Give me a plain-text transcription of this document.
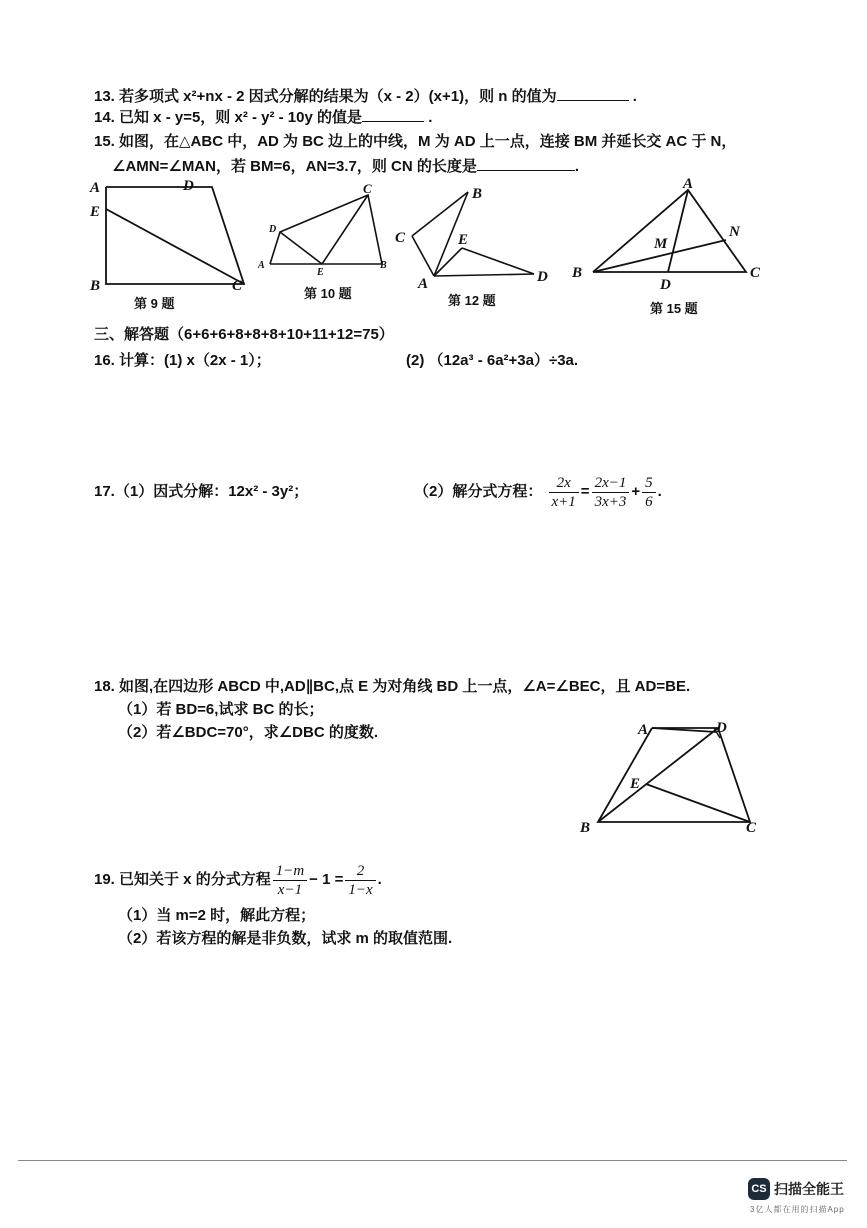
13. 若多项式 x²+nx - 2 因式分解的结果为（x - 2）(x+1)，则 n 的值为	.
14. 已知 x - y=5，则 x² - y² - 10y 的值是	.
15. 如图，在△ABC 中，AD 为 BC 边上的中线，M 为 AD 上一点，连接 BM 并延长交 AC 于 N，
∠AMN=∠MAN，若 BM=6，AN=3.7，则 CN 的长度是	.
A	D
E
B	C
第 9 题
C
D
A
E
B
第 10 题
B
C	E
A	D
第 12 题
A
N
M
B
D
C
第 15 题
三、解答题（6+6+6+8+8+8+10+11+12=75）
16. 计算：(1) x（2x - 1）；	(2) （12a³ - 6a²+3a）÷3a.
17.（1）因式分解：12x² - 3y²；	（2）解分式方程： $\frac{2x}{x+1} = \frac{2x-1}{3x+3} + \frac{5}{6}$ .
18. 如图,在四边形 ABCD 中,AD∥BC,点 E 为对角线 BD 上一点，∠A=∠BEC，且 AD=BE.
（1）若 BD=6,试求 BC 的长；
（2）若∠BDC=70°，求∠DBC 的度数.	A	D
E
B	C
19. 已知关于 x 的分式方程 $\frac{1-m}{x-1} - 1 = \frac{2}{1-x}$ .
（1）当 m=2 时，解此方程；
（2）若该方程的解是非负数，试求 m 的取值范围.
CS 扫描全能王
3亿人都在用的扫描App
